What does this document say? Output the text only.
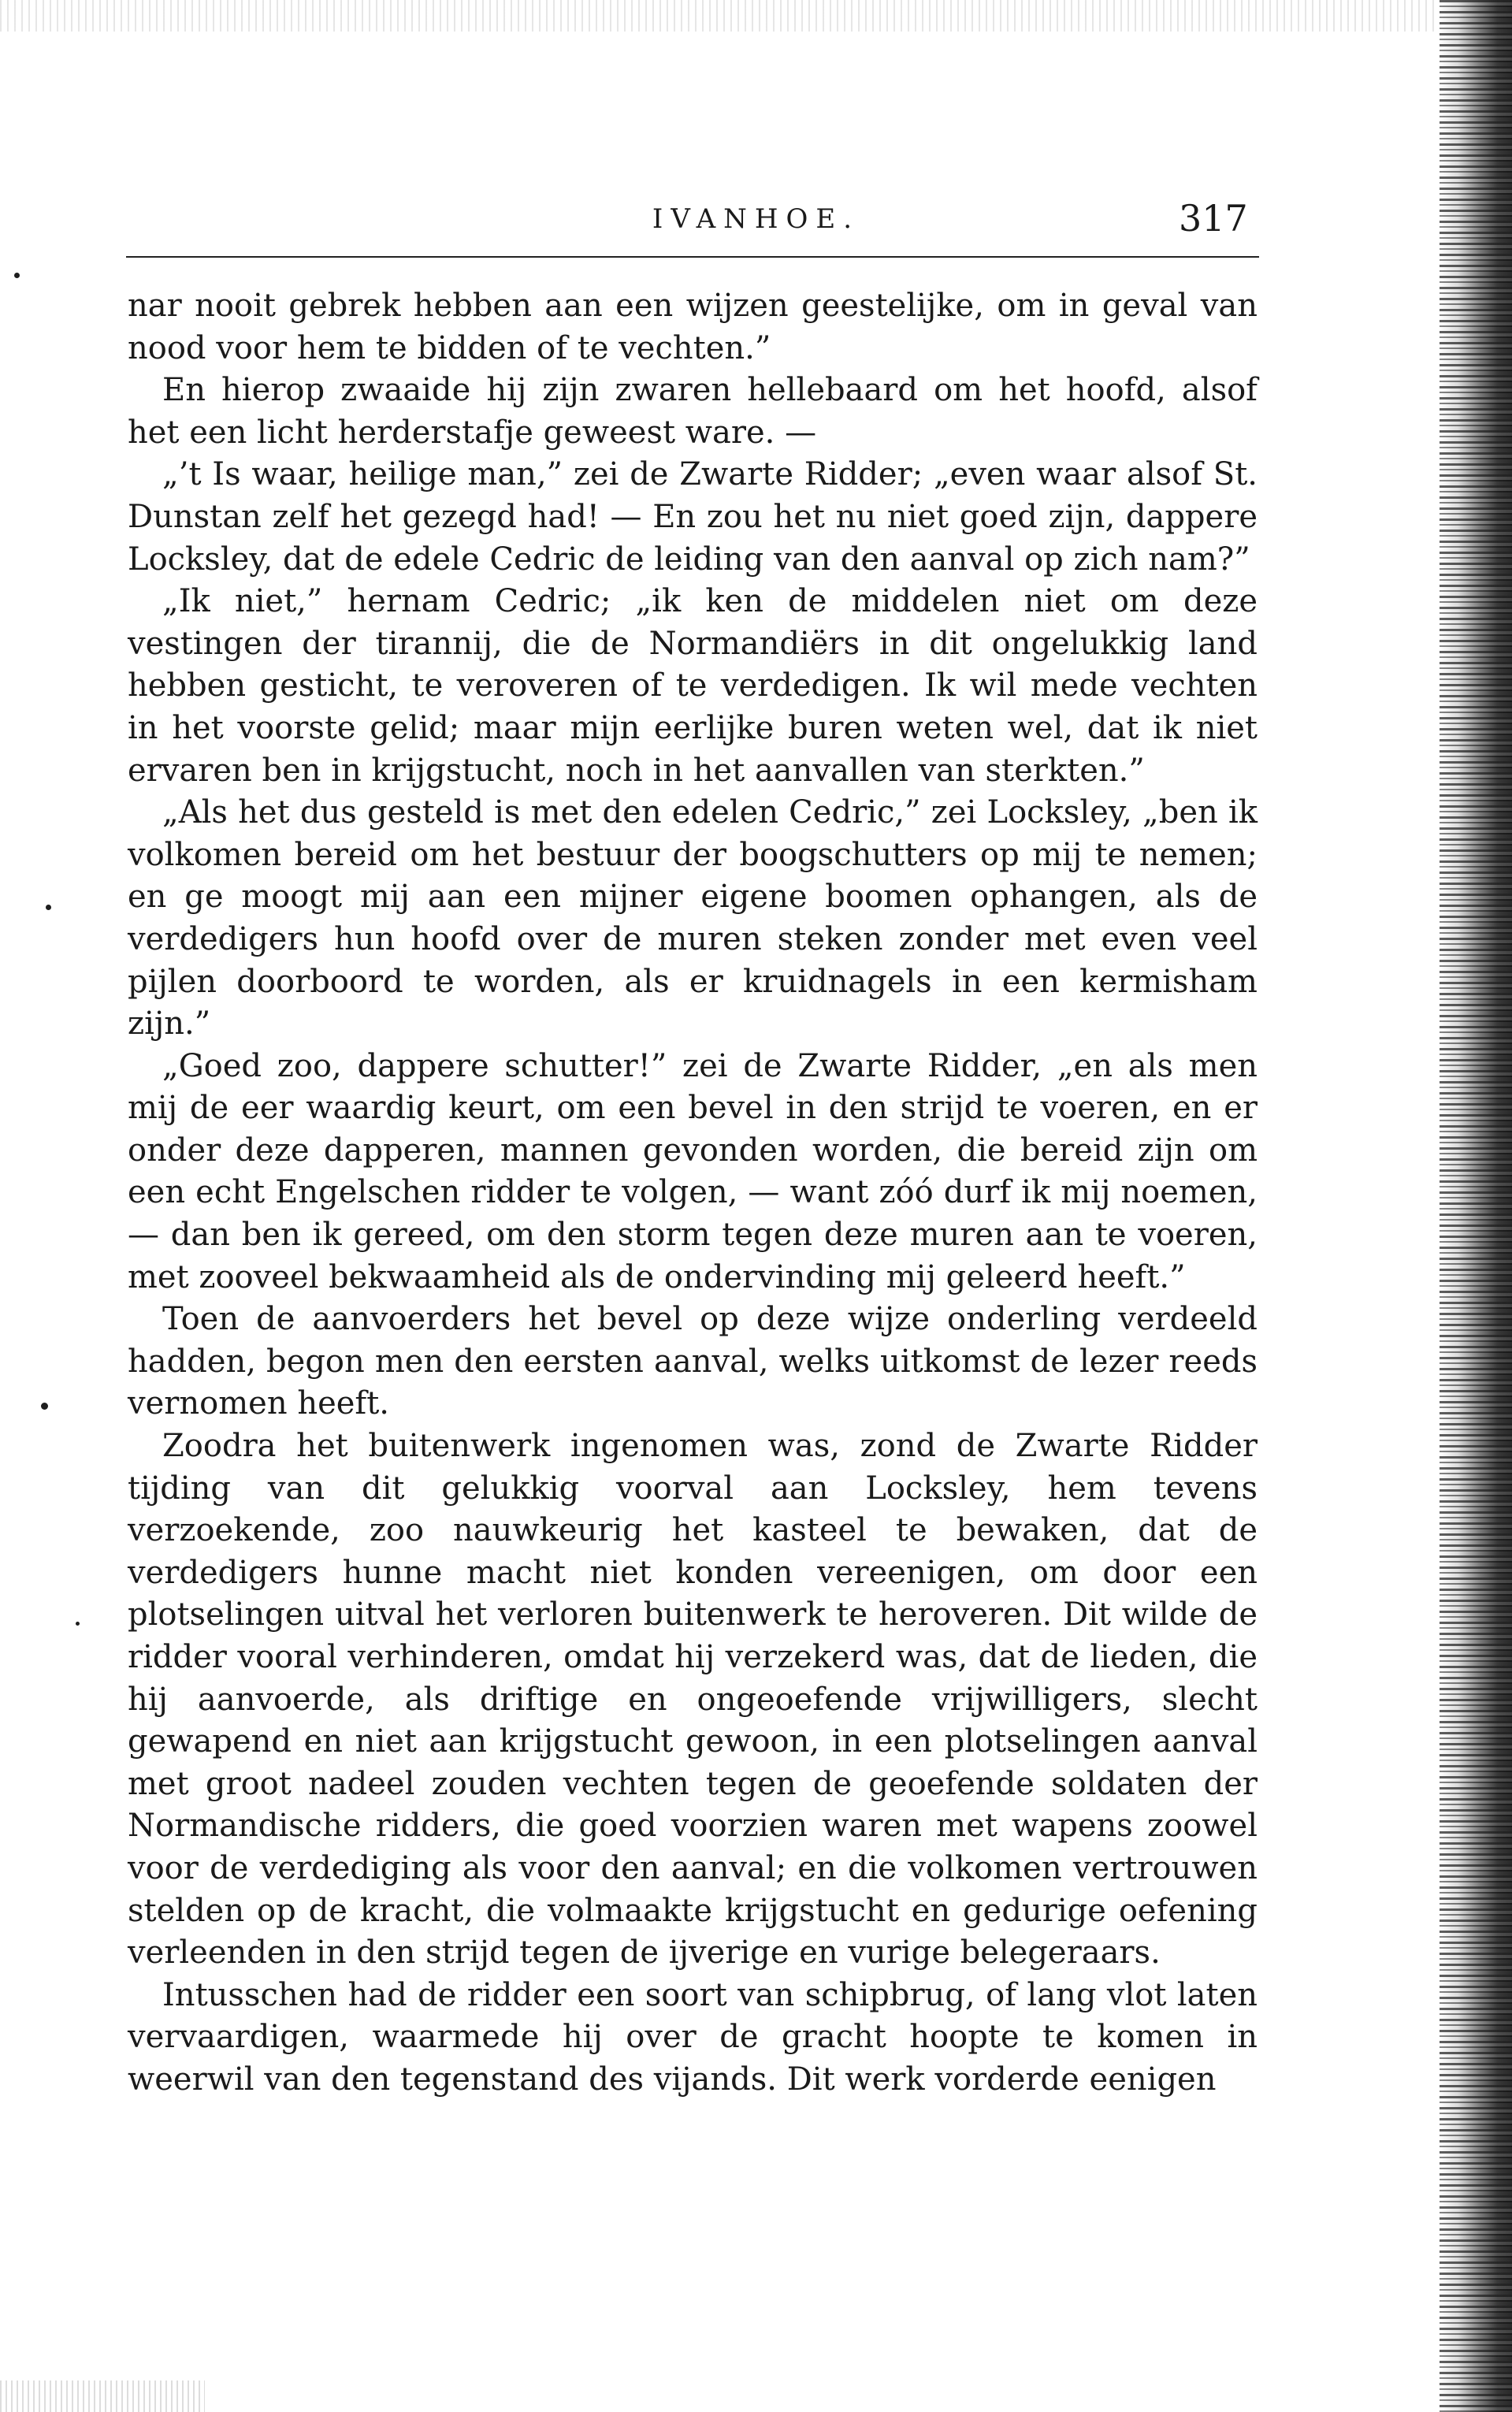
IVANHOE.	317

nar nooit gebrek hebben aan een wijzen geestelijke, om in geval van nood voor hem te bidden of te vechten.”

En hierop zwaaide hij zijn zwaren hellebaard om het hoofd, alsof het een licht herderstafje geweest ware. —

„’t Is waar, heilige man,” zei de Zwarte Ridder; „even waar alsof St. Dunstan zelf het gezegd had! — En zou het nu niet goed zijn, dappere Locksley, dat de edele Cedric de leiding van den aanval op zich nam?”

„Ik niet,” hernam Cedric; „ik ken de middelen niet om deze vestingen der tirannij, die de Normandiërs in dit ongelukkig land hebben gesticht, te veroveren of te verdedigen. Ik wil mede vechten in het voorste gelid; maar mijn eerlijke buren weten wel, dat ik niet ervaren ben in krijgstucht, noch in het aanvallen van sterkten.”

„Als het dus gesteld is met den edelen Cedric,” zei Locksley, „ben ik volkomen bereid om het bestuur der boogschutters op mij te nemen; en ge moogt mij aan een mijner eigene boomen ophangen, als de verdedigers hun hoofd over de muren steken zonder met even veel pijlen doorboord te worden, als er kruidnagels in een kermisham zijn.”

„Goed zoo, dappere schutter!” zei de Zwarte Ridder, „en als men mij de eer waardig keurt, om een bevel in den strijd te voeren, en er onder deze dapperen, mannen gevonden worden, die bereid zijn om een echt Engelschen ridder te volgen, — want zóó durf ik mij noemen, — dan ben ik gereed, om den storm tegen deze muren aan te voeren, met zooveel bekwaamheid als de ondervinding mij geleerd heeft.”

Toen de aanvoerders het bevel op deze wijze onderling verdeeld hadden, begon men den eersten aanval, welks uitkomst de lezer reeds vernomen heeft.

Zoodra het buitenwerk ingenomen was, zond de Zwarte Ridder tijding van dit gelukkig voorval aan Locksley, hem tevens verzoekende, zoo nauwkeurig het kasteel te bewaken, dat de verdedigers hunne macht niet konden vereenigen, om door een plotselingen uitval het verloren buitenwerk te heroveren. Dit wilde de ridder vooral verhinderen, omdat hij verzekerd was, dat de lieden, die hij aanvoerde, als driftige en ongeoefende vrijwilligers, slecht gewapend en niet aan krijgstucht gewoon, in een plotselingen aanval met groot nadeel zouden vechten tegen de geoefende soldaten der Normandische ridders, die goed voorzien waren met wapens zoowel voor de verdediging als voor den aanval; en die volkomen vertrouwen stelden op de kracht, die volmaakte krijgstucht en gedurige oefening verleenden in den strijd tegen de ijverige en vurige belegeraars.

Intusschen had de ridder een soort van schipbrug, of lang vlot laten vervaardigen, waarmede hij over de gracht hoopte te komen in weerwil van den tegenstand des vijands. Dit werk vorderde eenigen
